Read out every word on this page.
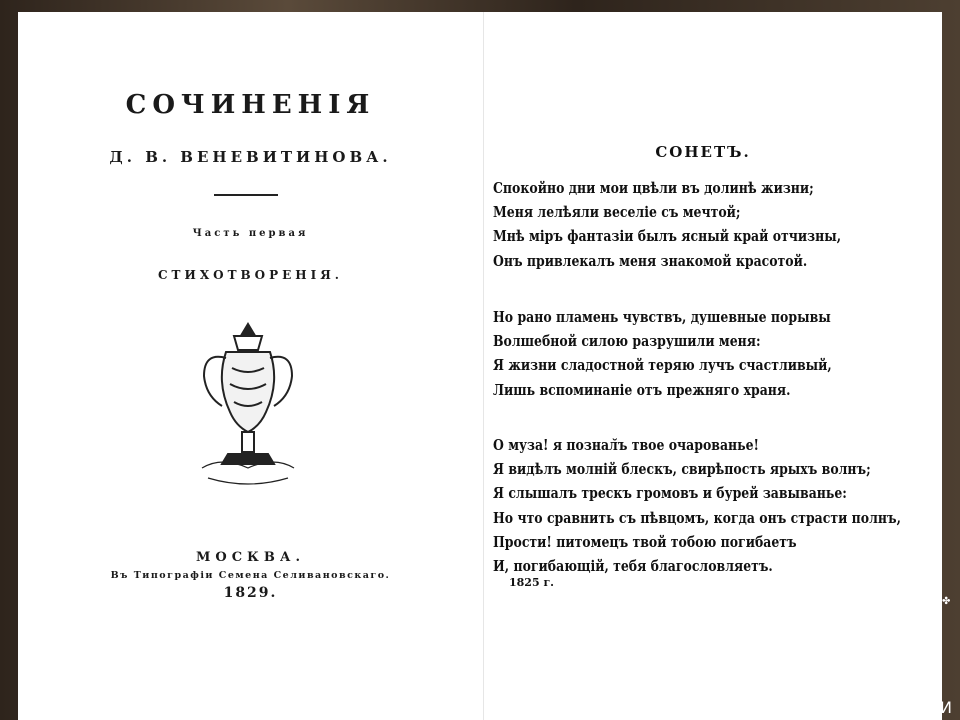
СОЧИНЕНІЯ
Д. В. ВЕНЕВИТИНОВА.
Часть первая
СТИХОТВОРЕНІЯ.
МОСКВА.
Въ Типографіи Семена Селивановскаго.
1829.
СОНЕТЪ.
Спокойно дни мои цвѣли въ долинѣ жизни;
Меня лелѣяли веселіе съ мечтой;
Мнѣ міръ фантазіи былъ ясный край отчизны,
Онъ привлекалъ меня знакомой красотой.
Но рано пламень чувствъ, душевные порывы
Волшебной силою разрушили меня:
Я жизни сладостной теряю лучъ счастливый,
Лишь вспоминаніе отъ прежняго храня.
О муза! я познал̆ъ твое очарованье!
Я видѣлъ молній блескъ, свирѣпость ярыхъ волнъ;
Я слышалъ трескъ громовъ и бурей завыванье:
Но что сравнить съ пѣвцомъ, когда онъ страсти полнъ,
Прости! питомецъ твой тобою погибаетъ
И, погибающій, тебя благословляетъ.
1825 г.
✤
И
